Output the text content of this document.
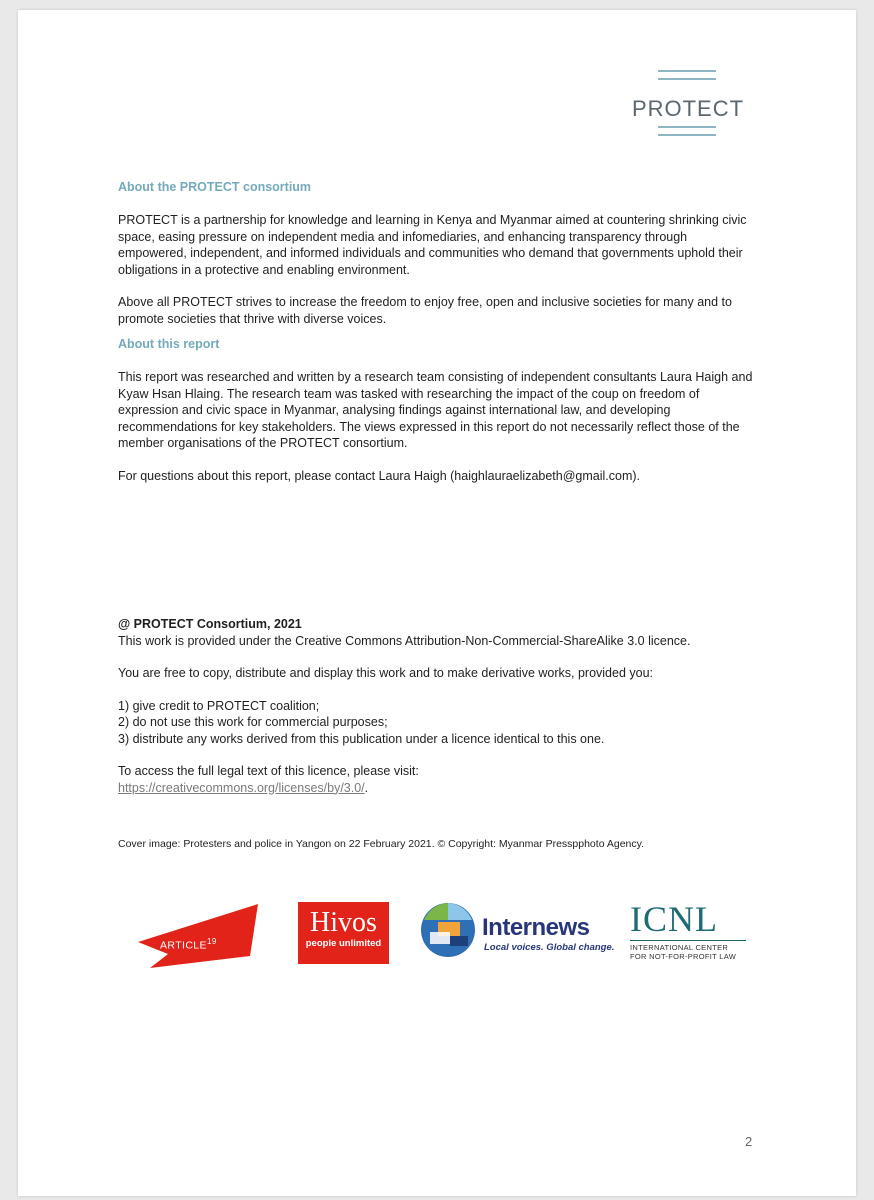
PROTECT
About the PROTECT consortium

PROTECT is a partnership for knowledge and learning in Kenya and Myanmar aimed at countering shrinking civic space, easing pressure on independent media and infomediaries, and enhancing transparency through empowered, independent, and informed individuals and communities who demand that governments uphold their obligations in a protective and enabling environment.

Above all PROTECT strives to increase the freedom to enjoy free, open and inclusive societies for many and to promote societies that thrive with diverse voices.

About this report

This report was researched and written by a research team consisting of independent consultants Laura Haigh and Kyaw Hsan Hlaing. The research team was tasked with researching the impact of the coup on freedom of expression and civic space in Myanmar, analysing findings against international law, and developing recommendations for key stakeholders. The views expressed in this report do not necessarily reflect those of the member organisations of the PROTECT consortium.

For questions about this report, please contact Laura Haigh (haighlauraelizabeth@gmail.com).

@ PROTECT Consortium, 2021

This work is provided under the Creative Commons Attribution-Non-Commercial-ShareAlike 3.0 licence.

You are free to copy, distribute and display this work and to make derivative works, provided you:

1) give credit to PROTECT coalition;

2) do not use this work for commercial purposes;

3) distribute any works derived from this publication under a licence identical to this one.

To access the full legal text of this licence, please visit:

https://creativecommons.org/licenses/by/3.0/.

Cover image: Protesters and police in Yangon on 22 February 2021. © Copyright: Myanmar Presspphoto Agency.
ARTICLE$^{19}$
Hivos
people unlimited
Internews
Local voices. Global change.
ICNL
INTERNATIONAL CENTER
FOR NOT-FOR-PROFIT LAW
2
